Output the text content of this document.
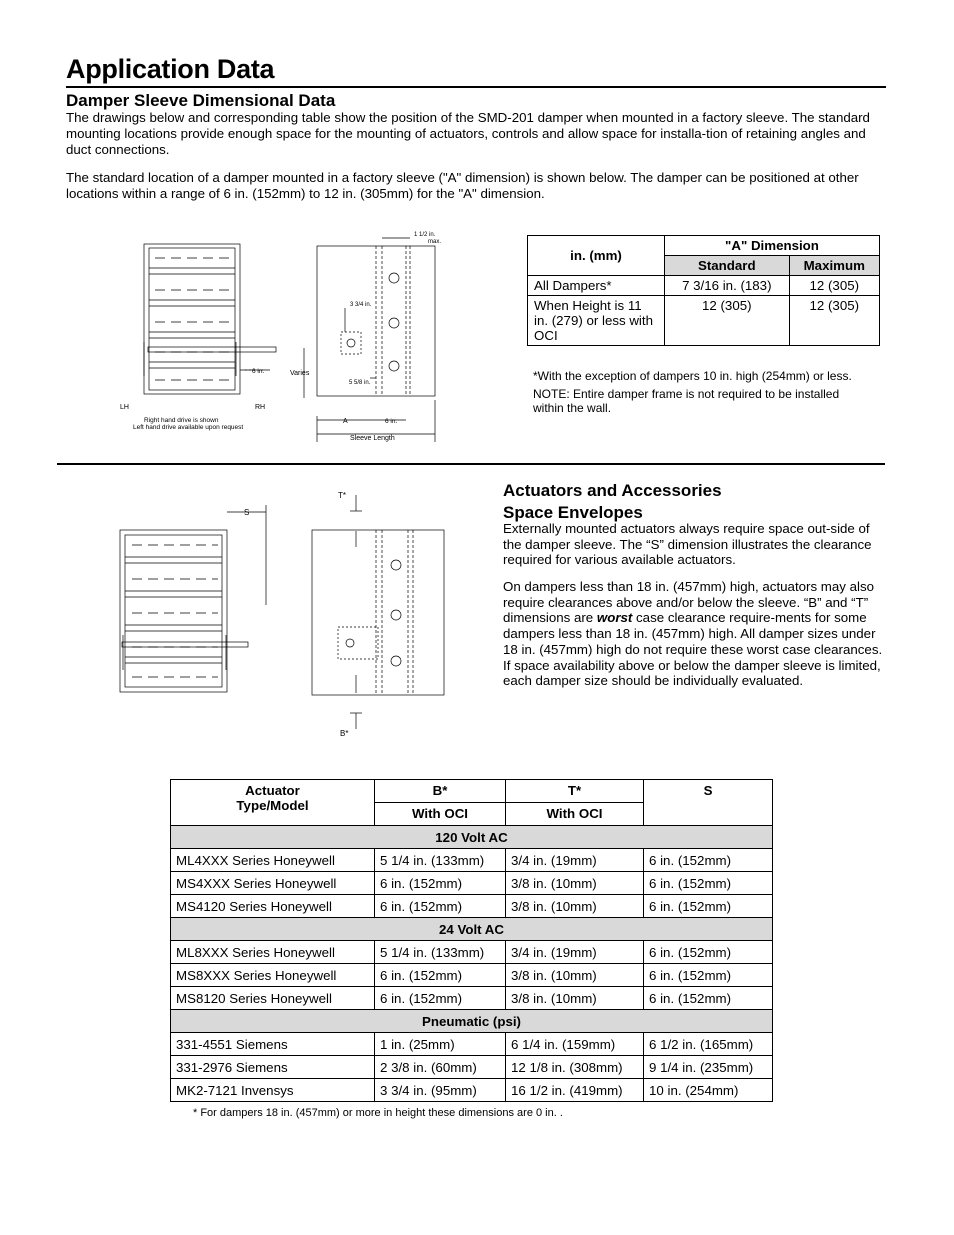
Application Data
Damper Sleeve Dimensional Data

The drawings below and corresponding table show the position of the SMD-201 damper when mounted in a factory sleeve. The standard mounting locations provide enough space for the mounting of actuators, controls and allow space for installa-tion of retaining angles and duct connections.

The standard location of a damper mounted in a factory sleeve ("A" dimension) is shown below. The damper can be positioned at other locations within a range of 6 in. (152mm) to 12 in. (305mm) for the "A" dimension.

LH	RH
Right hand drive is shown
Left hand drive available upon request
6 in.	Varies
1 1/2 in.
max.
3 3/4 in.
5 5/8 in.
A	6 in.
Sleeve Length
in. (mm)	"A" Dimension	
	Standard	Maximum
All Dampers*	7 3/16 in. (183)	12 (305)
When Height is 11 in. (279) or less with OCI	12 (305)	12 (305)

*With the exception of dampers 10 in. high (254mm) or less.

NOTE: Entire damper frame is not required to be installed within the wall.

S
T*
B*
Actuators and Accessories
Space Envelopes

Externally mounted actuators always require space out-side of the damper sleeve. The “S” dimension illustrates the clearance required for various available actuators.

On dampers less than 18 in. (457mm) high, actuators may also require clearances above and/or below the sleeve. “B” and “T” dimensions are worst case clearance require-ments for some dampers less than 18 in. (457mm) high. All damper sizes under 18 in. (457mm) high do not require these worst case clearances. If space availability above or below the damper sleeve is limited, each damper size should be individually evaluated.

Actuator
Type/Model	B*	T*	S
	With OCI	With OCI	
120 Volt AC			
ML4XXX Series Honeywell	5 1/4 in. (133mm)	3/4 in. (19mm)	6 in. (152mm)
MS4XXX Series Honeywell	6 in. (152mm)	3/8 in. (10mm)	6 in. (152mm)
MS4120 Series Honeywell	6 in. (152mm)	3/8 in. (10mm)	6 in. (152mm)
24 Volt AC			
ML8XXX Series Honeywell	5 1/4 in. (133mm)	3/4 in. (19mm)	6 in. (152mm)
MS8XXX Series Honeywell	6 in. (152mm)	3/8 in. (10mm)	6 in. (152mm)
MS8120 Series Honeywell	6 in. (152mm)	3/8 in. (10mm)	6 in. (152mm)
Pneumatic (psi)			
331-4551 Siemens	1 in. (25mm)	6 1/4 in. (159mm)	6 1/2 in. (165mm)
331-2976 Siemens	2 3/8 in. (60mm)	12 1/8 in. (308mm)	9 1/4 in. (235mm)
MK2-7121 Invensys	3 3/4 in. (95mm)	16 1/2 in. (419mm)	10 in. (254mm)

* For dampers 18 in. (457mm) or more in height these dimensions are 0 in. .
